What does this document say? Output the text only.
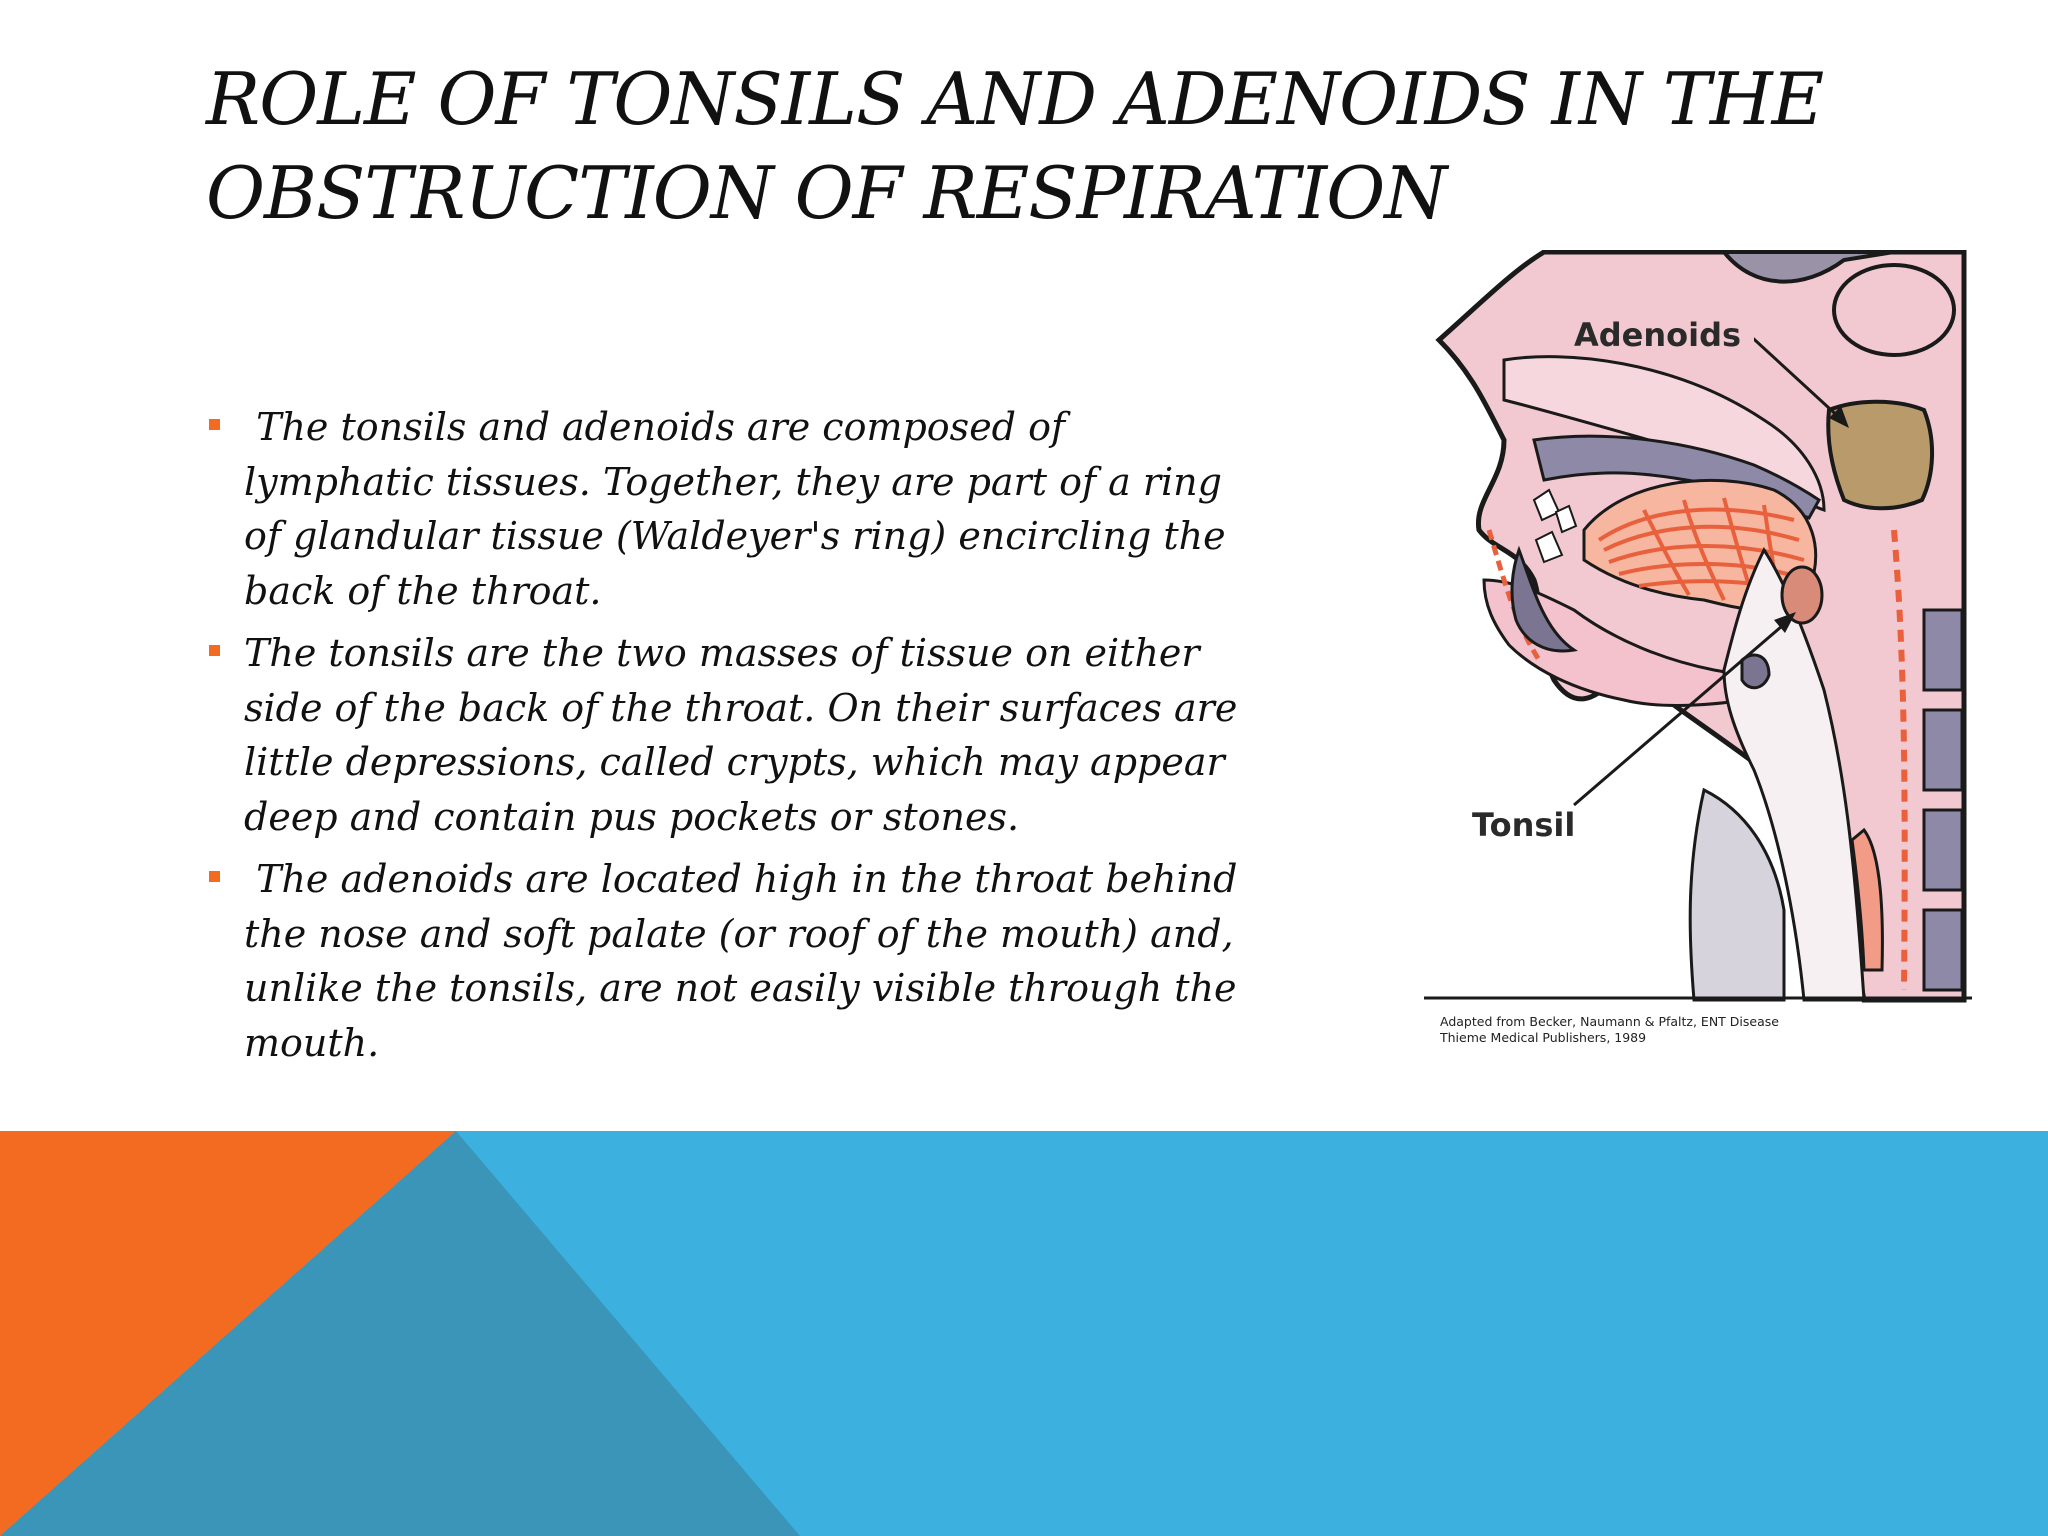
ROLE OF TONSILS AND ADENOIDS IN THE
OBSTRUCTION OF RESPIRATION
The tonsils and adenoids are composed of lymphatic tissues. Together, they are part of a ring of glandular tissue (Waldeyer's ring) encircling the back of the throat.
The tonsils are the two masses of tissue on either side of the back of the throat. On their surfaces are little depressions, called crypts, which may appear deep and contain pus pockets or stones.
The adenoids are located high in the throat behind the nose and soft palate (or roof of the mouth) and, unlike the tonsils, are not easily visible through the mouth.
Adenoids
Tonsil
Adapted from Becker, Naumann & Pfaltz, ENT Disease
Thieme Medical Publishers, 1989
